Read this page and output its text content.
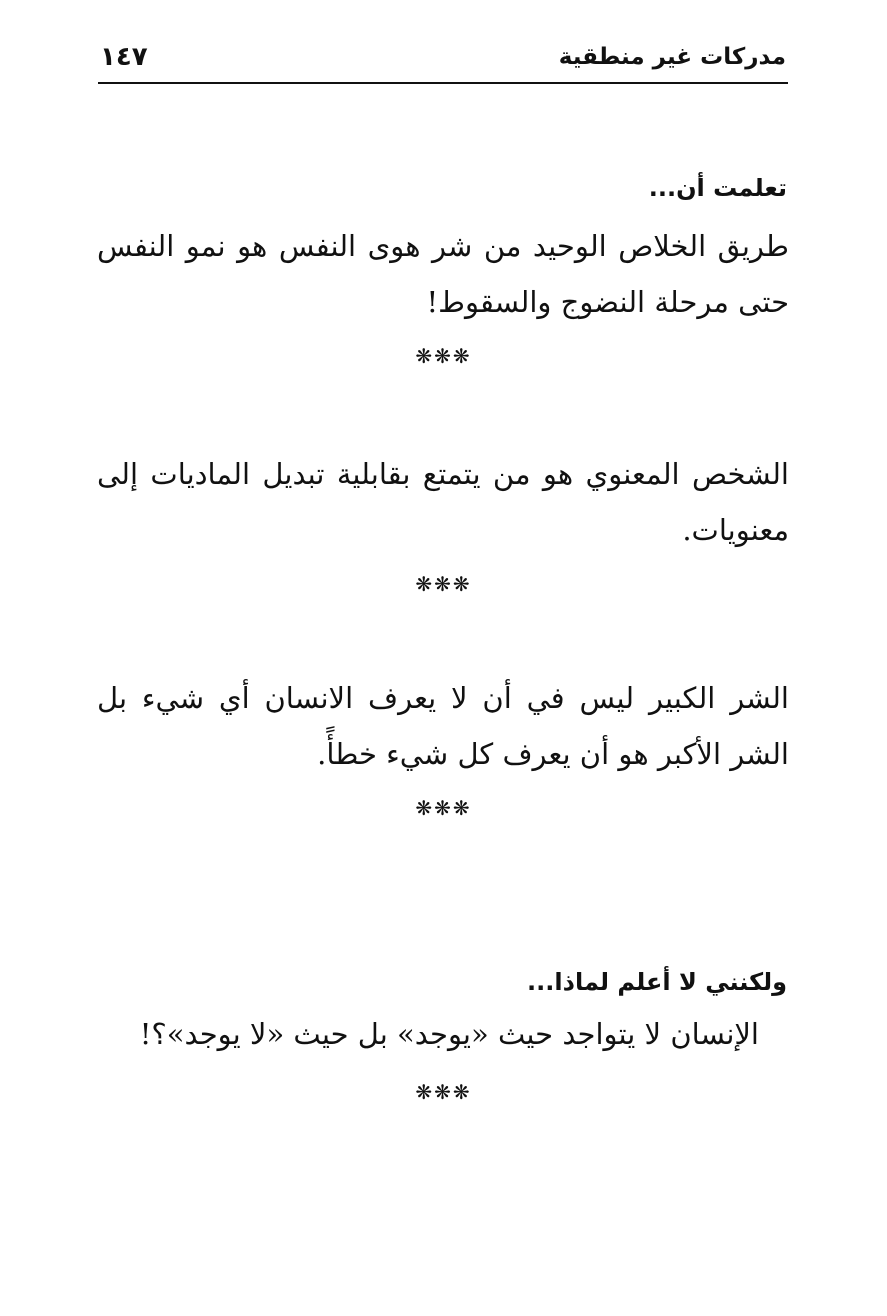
مدركات غير منطقية
١٤٧
تعلمت أن...
طريق الخلاص الوحيد من شر هوى النفس هو نمو النفس حتى مرحلة النضوج والسقوط!
❋❋❋
الشخص المعنوي هو من يتمتع بقابلية تبديل الماديات إلى معنويات.
❋❋❋
الشر الكبير ليس في أن لا يعرف الانسان أي شيء بل الشر الأكبر هو أن يعرف كل شيء خطأً.
❋❋❋
ولكنني لا أعلم لماذا...
الإنسان لا يتواجد حيث «يوجد» بل حيث «لا يوجد»؟!
❋❋❋
